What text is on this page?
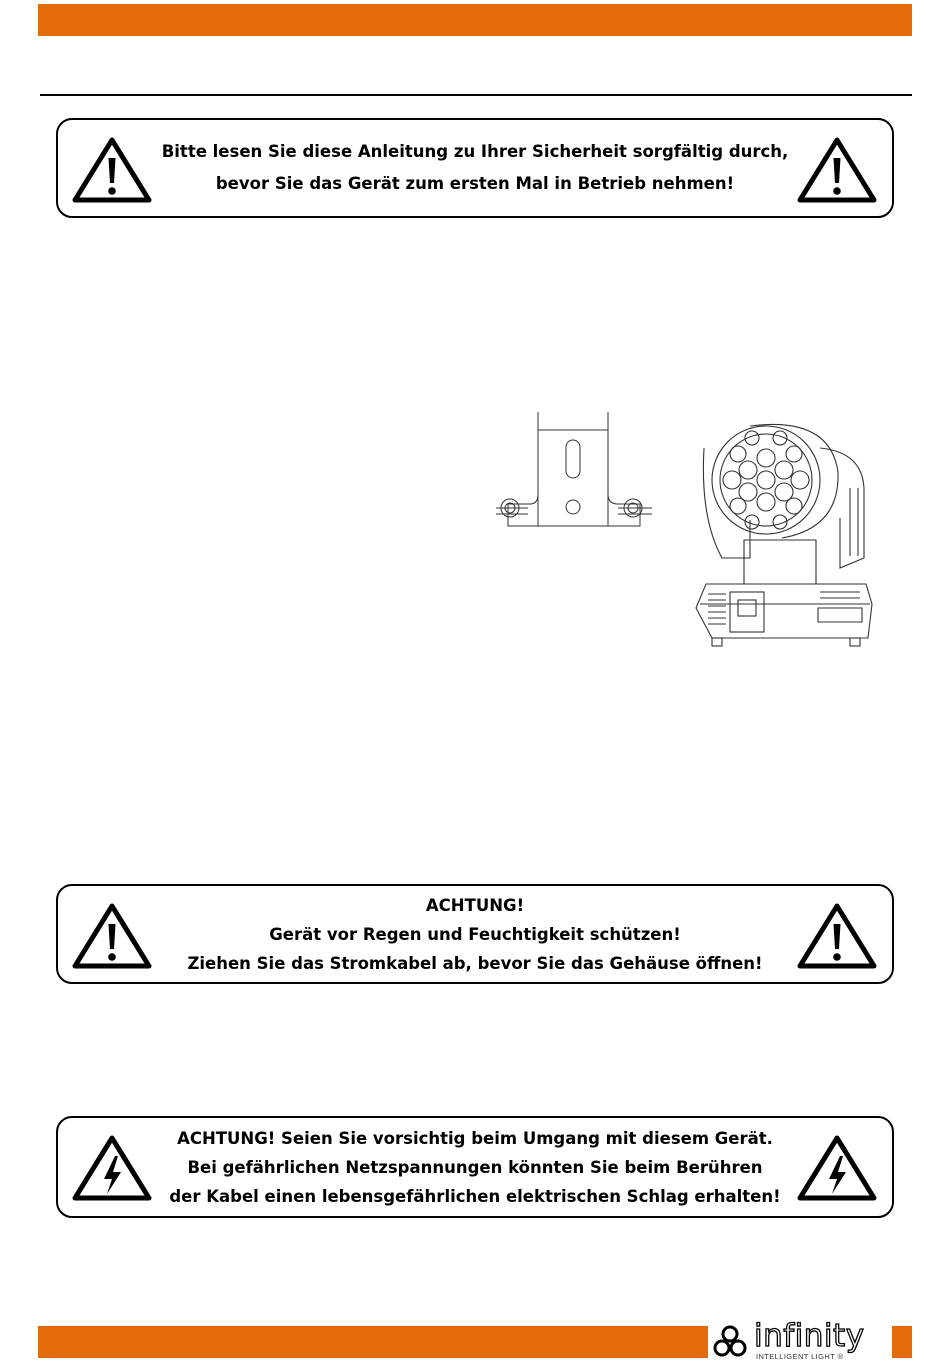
Bitte lesen Sie diese Anleitung zu Ihrer Sicherheit sorgfältig durch,
bevor Sie das Gerät zum ersten Mal in Betrieb nehmen!
ACHTUNG!
Gerät vor Regen und Feuchtigkeit schützen!
Ziehen Sie das Stromkabel ab, bevor Sie das Gehäuse öffnen!
ACHTUNG! Seien Sie vorsichtig beim Umgang mit diesem Gerät.
Bei gefährlichen Netzspannungen könnten Sie beim Berühren
der Kabel einen lebensgefährlichen elektrischen Schlag erhalten!
infinity
INTELLIGENT LIGHT ®
